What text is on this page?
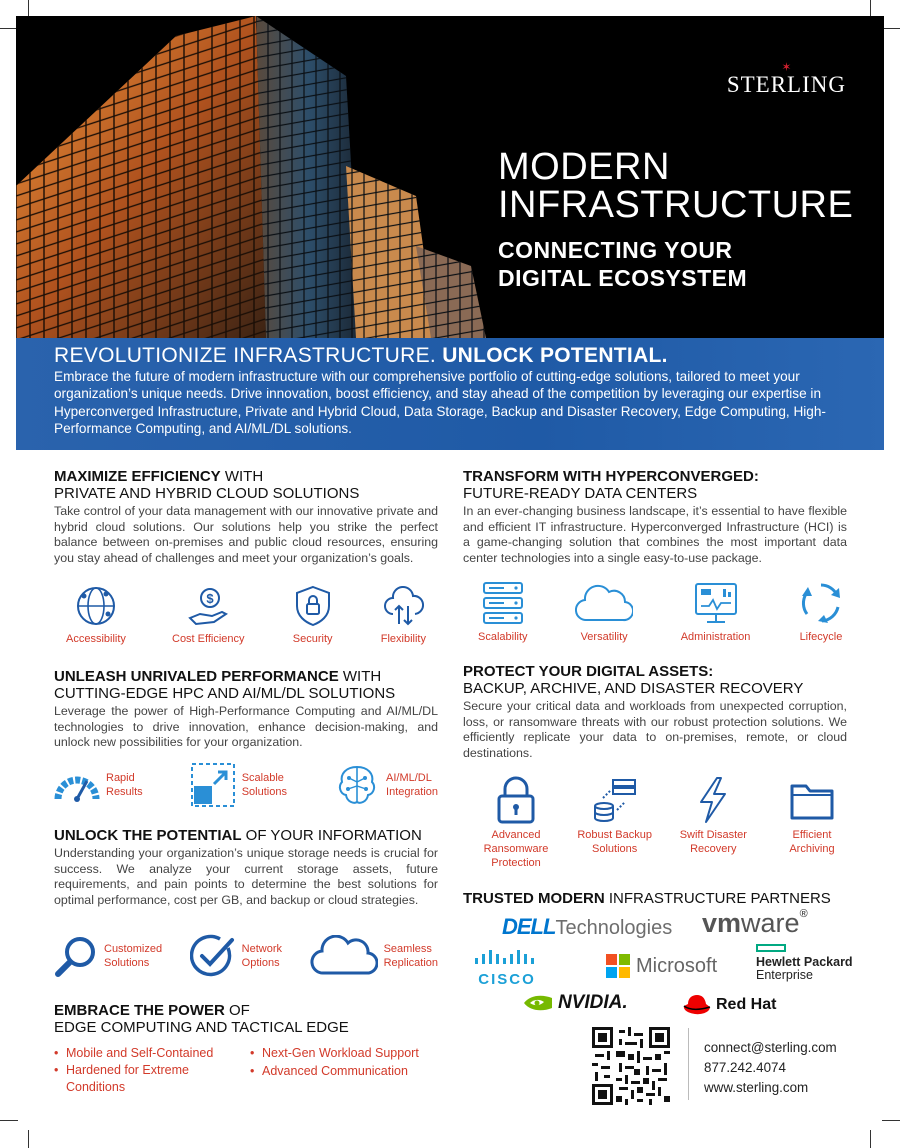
✶
STERLING
MODERN
INFRASTRUCTURE
CONNECTING YOUR
DIGITAL ECOSYSTEM
REVOLUTIONIZE INFRASTRUCTURE. UNLOCK POTENTIAL.
Embrace the future of modern infrastructure with our comprehensive portfolio of cutting-edge solutions, tailored to meet your organization’s unique needs. Drive innovation, boost efficiency, and stay ahead of the competition by leveraging our expertise in Hyperconverged Infrastructure, Private and Hybrid Cloud, Data Storage, Backup and Disaster Recovery, Edge Computing, High-Performance Computing, and AI/ML/DL solutions.
MAXIMIZE EFFICIENCY WITH
PRIVATE AND HYBRID CLOUD SOLUTIONS

Take control of your data management with our innovative private and hybrid cloud solutions. Our solutions help you strike the perfect balance between on-premises and public cloud resources, ensuring you stay ahead of challenges and meet your organization’s goals.

Accessibility
$
Cost Efficiency	Security	Flexibility
UNLEASH UNRIVALED PERFORMANCE WITH
CUTTING-EDGE HPC AND AI/ML/DL SOLUTIONS

Leverage the power of High-Performance Computing and AI/ML/DL technologies to drive innovation, enhance decision-making, and unlock new possibilities for your organization.

Rapid
Results
Scalable
Solutions
AI/ML/DL
Integration
UNLOCK THE POTENTIAL OF YOUR INFORMATION

Understanding your organization’s unique storage needs is crucial for success. We analyze your current storage assets, future requirements, and pain points to determine the best solutions for optimal performance, cost per GB, and backup or cloud strategies.

Customized
Solutions
Network
Options
Seamless
Replication
EMBRACE THE POWER OF
EDGE COMPUTING AND TACTICAL EDGE
• Mobile and Self-Contained
• Hardened for Extreme Conditions
• Next-Gen Workload Support
• Advanced Communication
TRANSFORM WITH HYPERCONVERGED:
FUTURE-READY DATA CENTERS

In an ever-changing business landscape, it’s essential to have flexible and efficient IT infrastructure. Hyperconverged Infrastructure (HCI) is a game-changing solution that combines the most important data center technologies into a single easy-to-use package.

Scalability	Versatility	Administration	Lifecycle
PROTECT YOUR DIGITAL ASSETS:
BACKUP, ARCHIVE, AND DISASTER RECOVERY

Secure your critical data and workloads from unexpected corruption, loss, or ransomware threats with our robust protection solutions. We efficiently replicate your data to on-premises, remote, or cloud destinations.

Advanced
Ransomware
Protection
Robust Backup
Solutions
Swift Disaster
Recovery
Efficient
Archiving
TRUSTED MODERN INFRASTRUCTURE PARTNERS
DELLTechnologies vmware®
CISCO
Microsoft	Hewlett Packard
Enterprise
NVIDIA.	Red Hat
connect@sterling.com
877.242.4074
www.sterling.com
